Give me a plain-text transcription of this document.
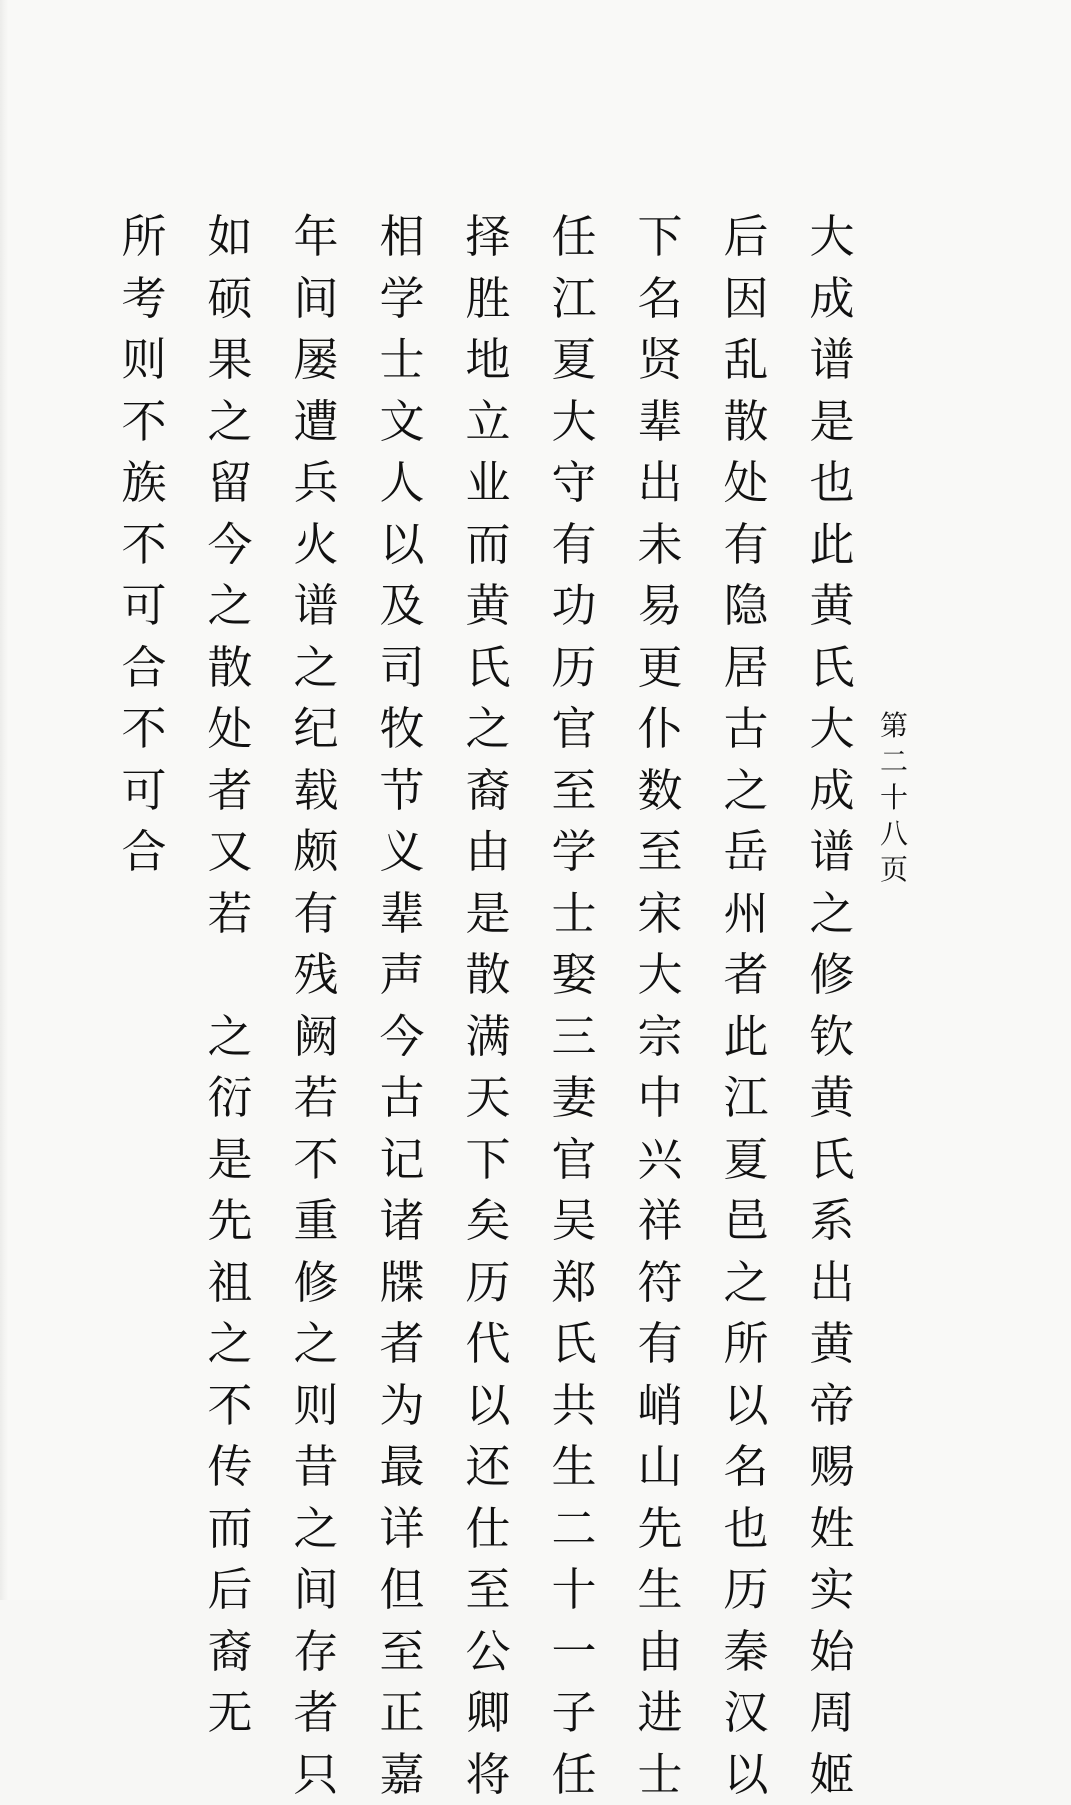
第
二
十
八
页
大
成
谱
是
也
此
黄
氏
大
成
谱
之
修
钦
黄
氏
系
出
黄
帝
赐
姓
实
始
周
姬
后
因
乱
散
处
有
隐
居
古
之
岳
州
者
此
江
夏
邑
之
所
以
名
也
历
秦
汉
以
下
名
贤
辈
出
未
易
更
仆
数
至
宋
大
宗
中
兴
祥
符
有
峭
山
先
生
由
进
士
任
江
夏
大
守
有
功
历
官
至
学
士
娶
三
妻
官
吴
郑
氏
共
生
二
十
一
子
任
择
胜
地
立
业
而
黄
氏
之
裔
由
是
散
满
天
下
矣
历
代
以
还
仕
至
公
卿
将
相
学
士
文
人
以
及
司
牧
节
义
辈
声
今
古
记
诸
牒
者
为
最
详
但
至
正
嘉
年
间
屡
遭
兵
火
谱
之
纪
载
颇
有
残
阙
若
不
重
修
之
则
昔
之
间
存
者
只
如
硕
果
之
留
今
之
散
处
者
又
若
之
衍
是
先
祖
之
不
传
而
后
裔
无
所
考
则
不
族
不
可
合
不
可
合
